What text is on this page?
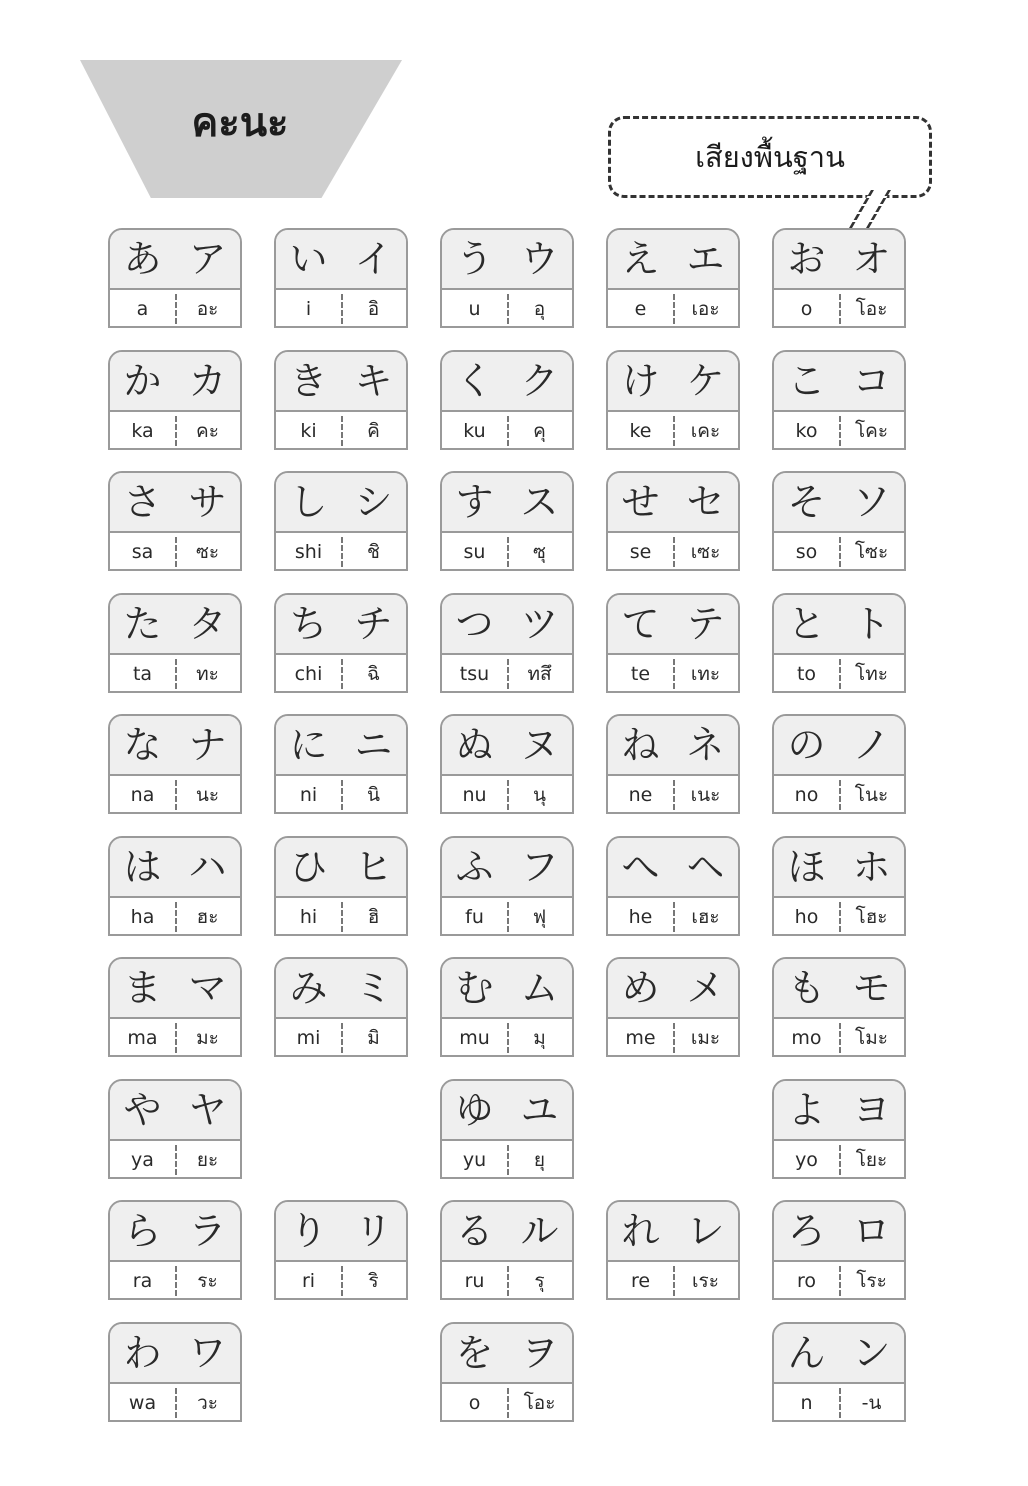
คะนะ
เสียงพื้นฐาน
あ ア
a	อะ
い イ
i	อิ
う ウ
u	อุ
え エ
e	เอะ
お オ
o	โอะ
か カ
ka	คะ
き キ
ki	คิ
く ク
ku	คุ
け ケ
ke	เคะ
こ コ
ko	โคะ
さ サ
sa	ซะ
し シ
shi	ชิ
す ス
su	ซุ
せ セ
se	เซะ
そ ソ
so	โซะ
た タ
ta	ทะ
ち チ
chi	ฉิ
つ ツ
tsu	ทสึ
て テ
te	เทะ
と ト
to	โทะ
な ナ
na	นะ
に ニ
ni	นิ
ぬ ヌ
nu	นุ
ね ネ
ne	เนะ
の ノ
no	โนะ
は ハ
ha	ฮะ
ひ ヒ
hi	ฮิ
ふ フ
fu	ฟุ
へ ヘ
he	เฮะ
ほ ホ
ho	โฮะ
ま マ
ma	มะ
み ミ
mi	มิ
む ム
mu	มุ
め メ
me	เมะ
も モ
mo	โมะ
や ヤ
ya	ยะ
ゆ ユ
yu	ยุ
よ ヨ
yo	โยะ
ら ラ
ra	ระ
り リ
ri	ริ
る ル
ru	รุ
れ レ
re	เระ
ろ ロ
ro	โระ
わ ワ
wa	วะ
を ヲ
o	โอะ
ん ン
n	-น
